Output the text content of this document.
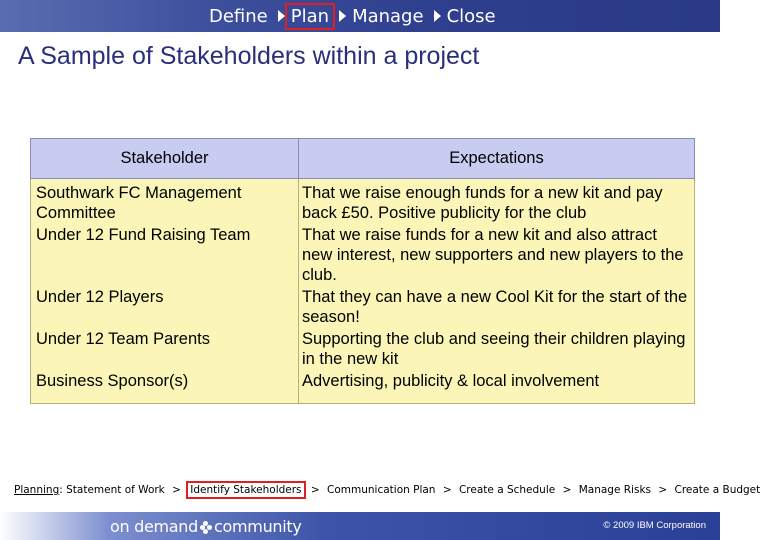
Define Plan Manage Close
A Sample of Stakeholders within a project
Stakeholder	Expectations
Southwark FC Management Committee	That we raise enough funds for a new kit and pay back £50. Positive publicity for the club
Under 12 Fund Raising Team	That we raise funds for a new kit and also attract new interest, new supporters and new players to the club.
Under 12 Players	That they can have a new Cool Kit for the start of the season!
Under 12 Team Parents	Supporting the club and seeing their children playing in the new kit
Business Sponsor(s)	Advertising, publicity & local involvement
Planning: Statement of Work > Identify Stakeholders > Communication Plan > Create a Schedule > Manage Risks > Create a Budget
on demand community	© 2009 IBM Corporation
